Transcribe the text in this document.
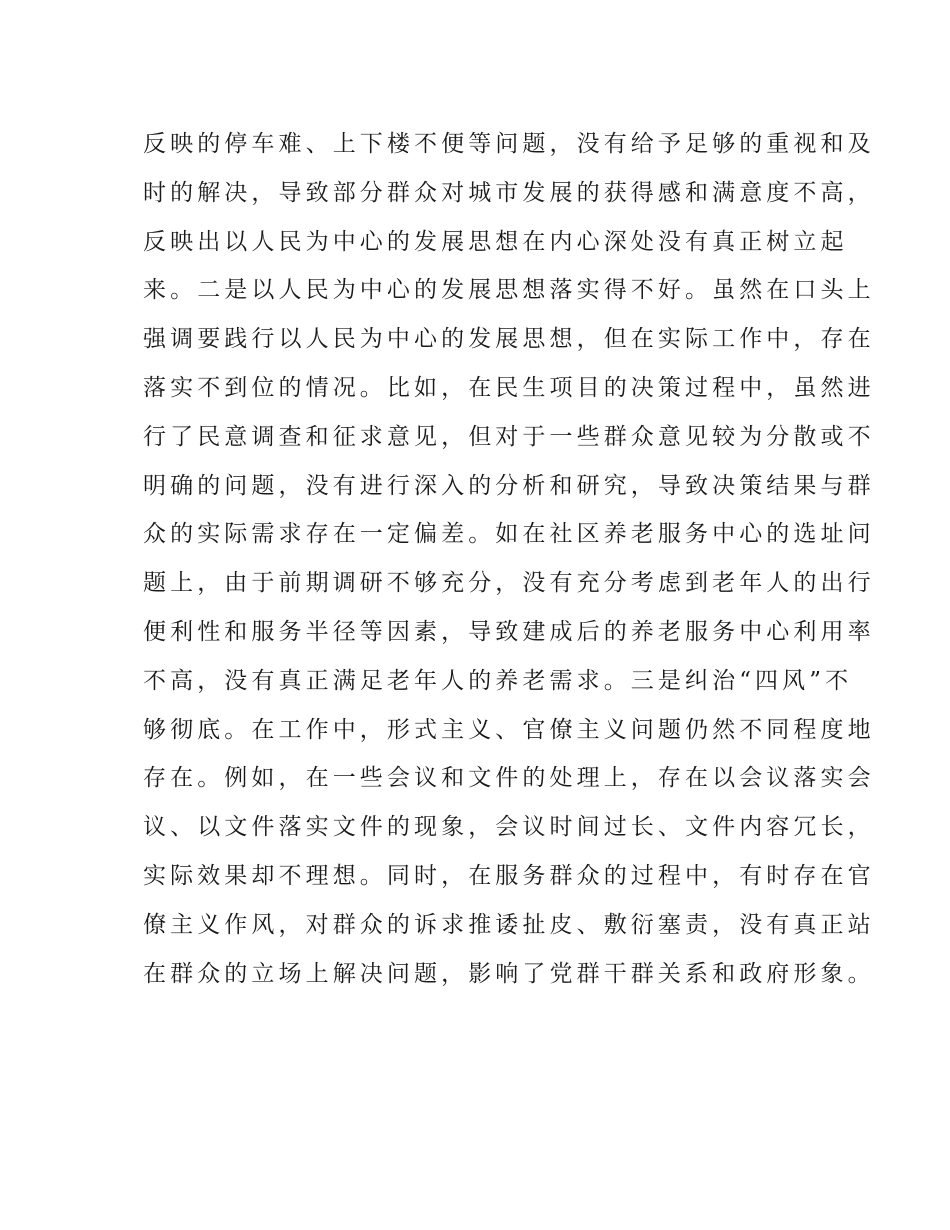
反映的停车难、上下楼不便等问题，没有给予足够的重视和及
时的解决，导致部分群众对城市发展的获得感和满意度不高，
反映出以人民为中心的发展思想在内心深处没有真正树立起
来。二是以人民为中心的发展思想落实得不好。虽然在口头上
强调要践行以人民为中心的发展思想，但在实际工作中，存在
落实不到位的情况。比如，在民生项目的决策过程中，虽然进
行了民意调查和征求意见，但对于一些群众意见较为分散或不
明确的问题，没有进行深入的分析和研究，导致决策结果与群
众的实际需求存在一定偏差。如在社区养老服务中心的选址问
题上，由于前期调研不够充分，没有充分考虑到老年人的出行
便利性和服务半径等因素，导致建成后的养老服务中心利用率
不高，没有真正满足老年人的养老需求。三是纠治“四风”不
够彻底。在工作中，形式主义、官僚主义问题仍然不同程度地
存在。例如，在一些会议和文件的处理上，存在以会议落实会
议、以文件落实文件的现象，会议时间过长、文件内容冗长，
实际效果却不理想。同时，在服务群众的过程中，有时存在官
僚主义作风，对群众的诉求推诿扯皮、敷衍塞责，没有真正站
在群众的立场上解决问题，影响了党群干群关系和政府形象。
